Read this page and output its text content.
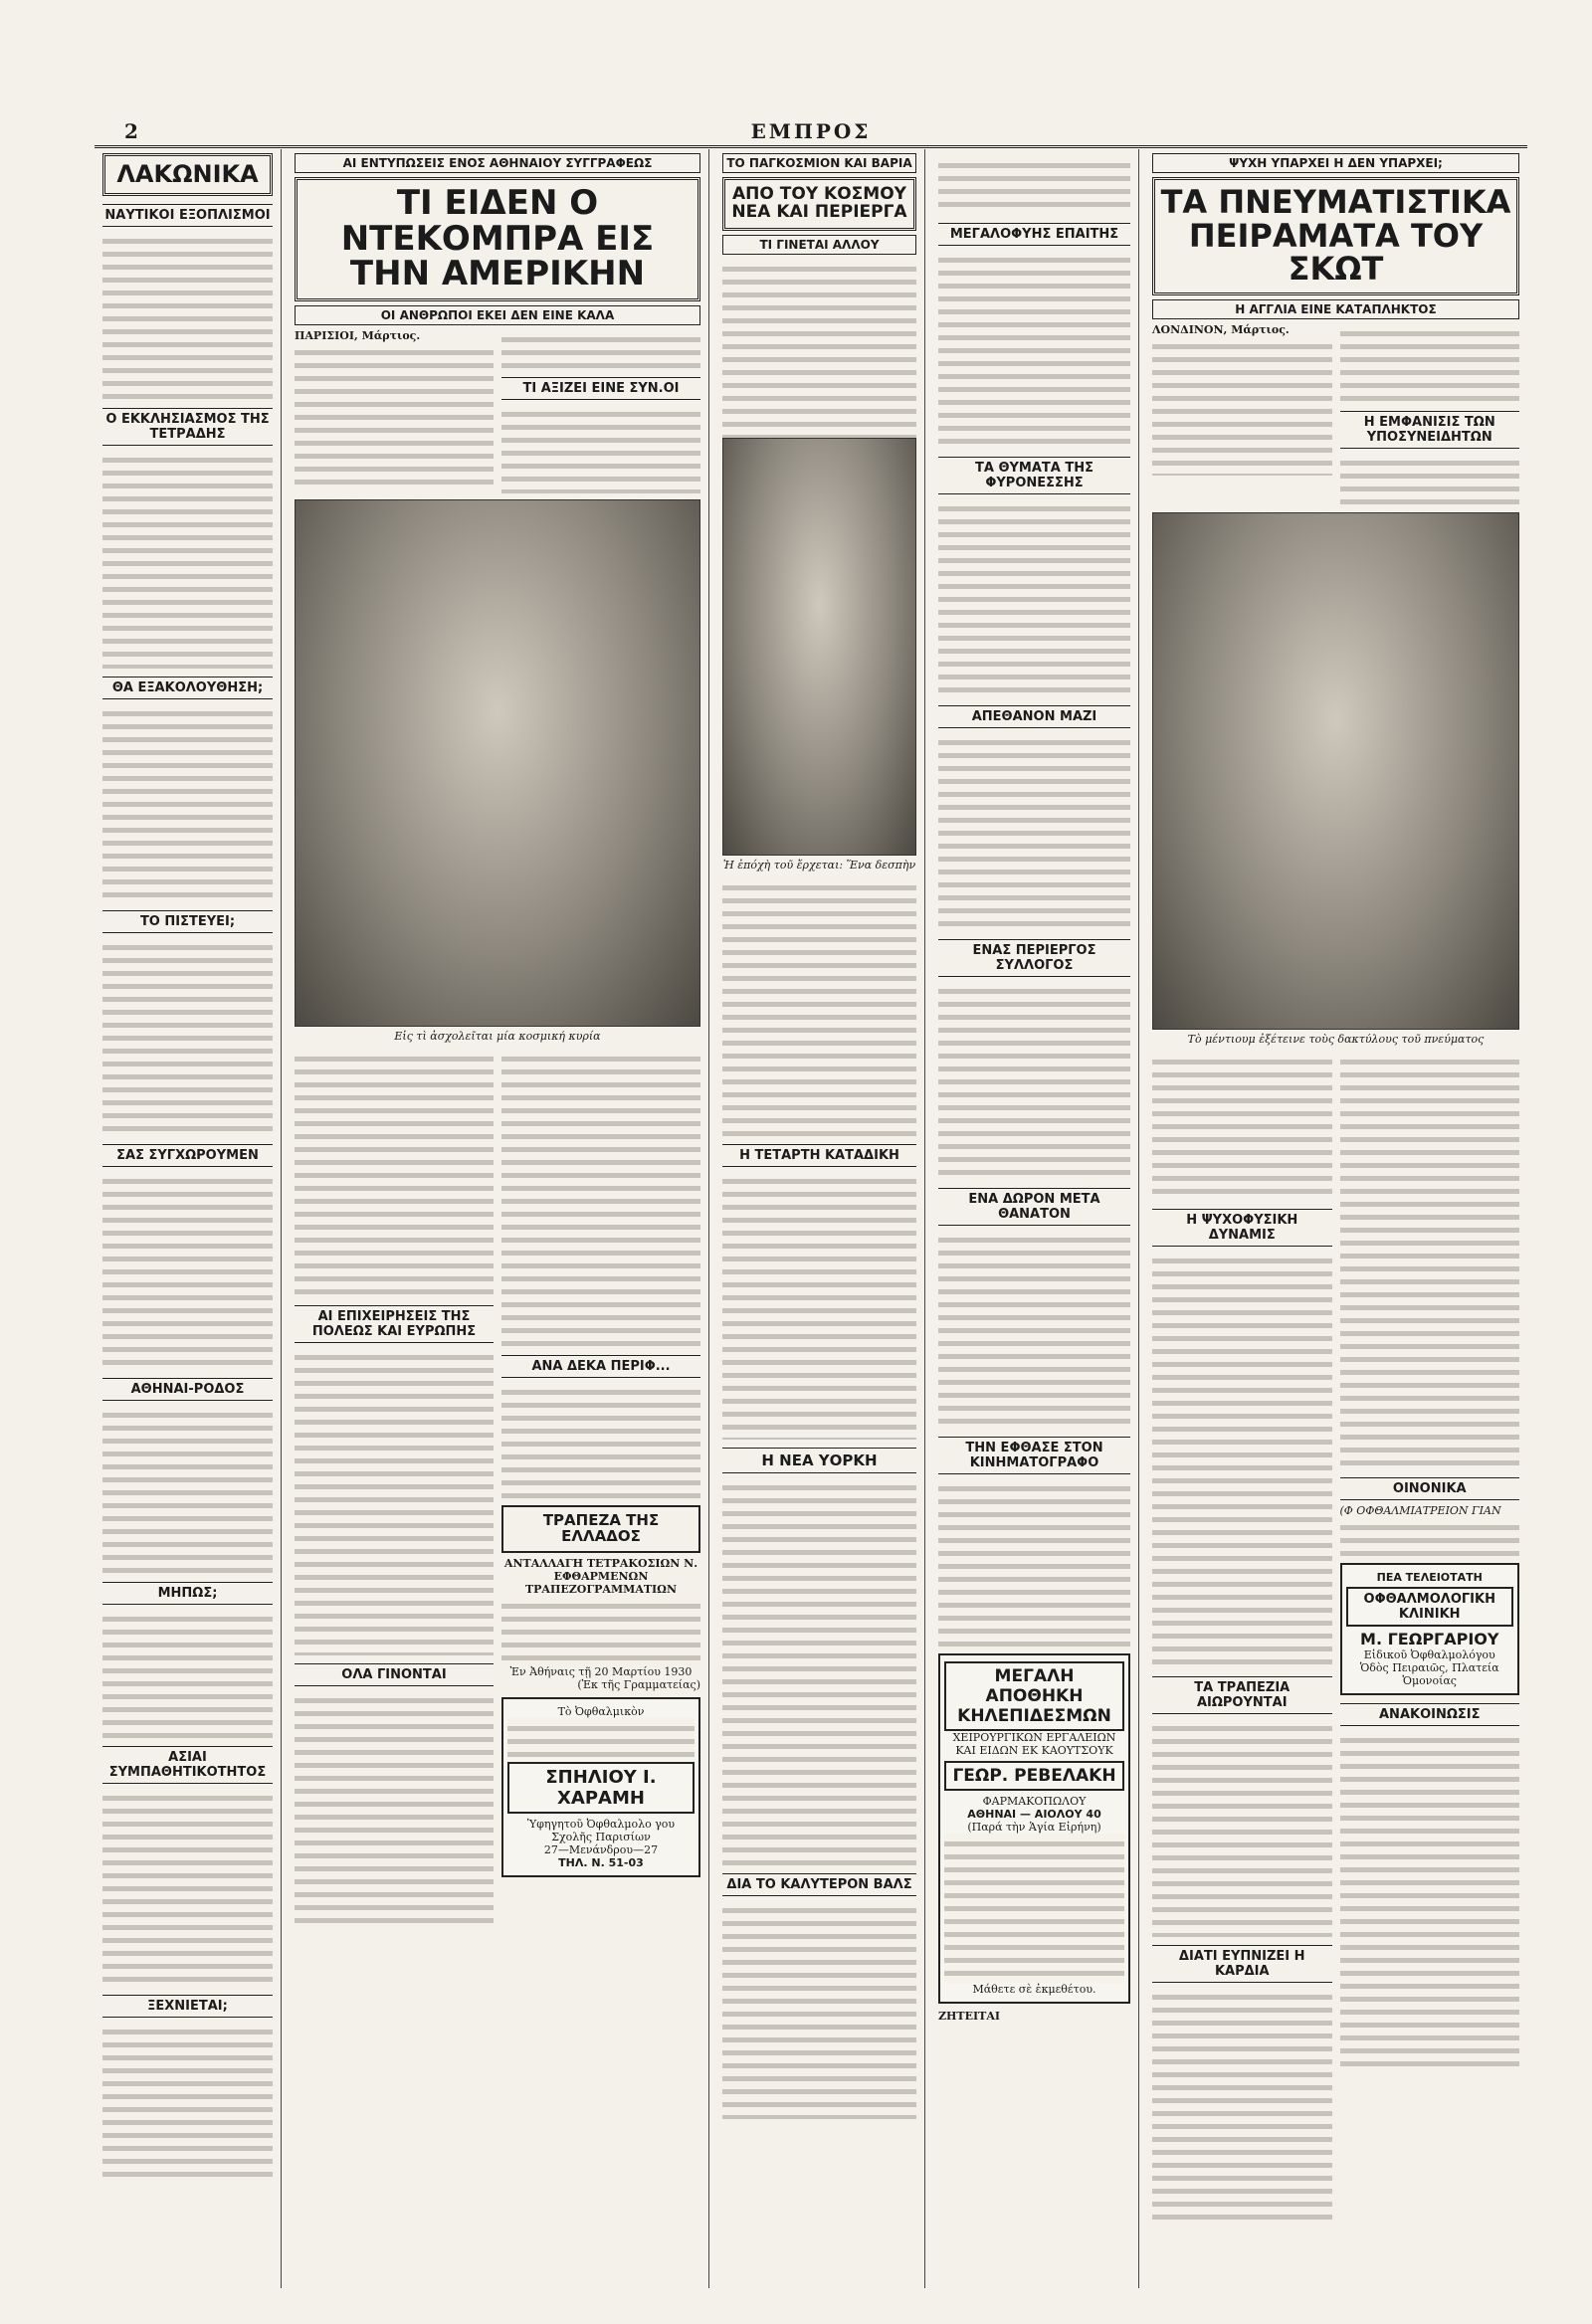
2	ΕΜΠΡΟΣ
ΛΑΚΩΝΙΚΑ
ΝΑΥΤΙΚΟΙ ΕΞΟΠΛΙΣΜΟΙ
Ο ΕΚΚΛΗΣΙΑΣΜΟΣ ΤΗΣ ΤΕΤΡΑΔΗΣ
ΘΑ ΕΞΑΚΟΛΟΥΘΗΣΗ;
ΤΟ ΠΙΣΤΕΥΕΙ;
ΣΑΣ ΣΥΓΧΩΡΟΥΜΕΝ
ΑΘΗΝΑΙ-ΡΟΔΟΣ
ΜΗΠΩΣ;
ΑΣΙΑΙ ΣΥΜΠΑΘΗΤΙΚΟΤΗΤΟΣ
ΞΕΧΝΙΕΤΑΙ;
ΑΙ ΕΝΤΥΠΩΣΕΙΣ ΕΝΟΣ ΑΘΗΝΑΙΟΥ ΣΥΓΓΡΑΦΕΩΣ
ΤΙ ΕΙΔΕΝ Ο ΝΤΕΚΟΜΠΡΑ ΕΙΣ ΤΗΝ ΑΜΕΡΙΚΗΝ
ΟΙ ΑΝΘΡΩΠΟΙ ΕΚΕΙ ΔΕΝ ΕΙΝΕ ΚΑΛΑ
ΠΑΡΙΣΙΟΙ, Μάρτιος.
ΤΙ ΑΞΙΖΕΙ ΕΙΝΕ ΣΥΝ.ΟΙ
Εἰς τὶ ἀσχολεῖται μία κοσμική κυρία
ΑΙ ΕΠΙΧΕΙΡΗΣΕΙΣ ΤΗΣ ΠΟΛΕΩΣ ΚΑΙ ΕΥΡΩΠΗΣ
ΟΛΑ ΓΙΝΟΝΤΑΙ
ΑΝΑ ΔΕΚΑ ΠΕΡΙΦ...
ΤΡΑΠΕΖΑ ΤΗΣ ΕΛΛΑΔΟΣ
ΑΝΤΑΛΛΑΓΗ ΤΕΤΡΑΚΟΣΙΩΝ Ν. ΕΦΘΑΡΜΕΝΩΝ ΤΡΑΠΕΖΟΓΡΑΜΜΑΤΙΩΝ
Ἐν Ἀθήναις τῇ 20 Μαρτίου 1930
(Ἐκ τῆς Γραμματείας)
Τὸ Ὀφθαλμικὸν
ΣΠΗΛΙΟΥ Ι. ΧΑΡΑΜΗ
Ὑφηγητοῦ Ὀφθαλμολο γου Σχολῆς Παρισίων
27—Μενάνδρου—27
ΤΗΛ. Ν. 51-03
ΤΟ ΠΑΓΚΟΣΜΙΟΝ ΚΑΙ ΒΑΡΙΑ
ΑΠΟ ΤΟΥ ΚΟΣΜΟΥ ΝΕΑ ΚΑΙ ΠΕΡΙΕΡΓΑ
ΤΙ ΓΙΝΕΤΑΙ ΑΛΛΟΥ
Ἡ ἐπόχὴ τοῦ ἔρχεται: Ἕνα δεσπὴν
Η ΤΕΤΑΡΤΗ ΚΑΤΑΔΙΚΗ
Η ΝΕΑ ΥΟΡΚΗ
ΔΙΑ ΤΟ ΚΑΛΥΤΕΡΟΝ ΒΑΛΣ
ΜΕΓΑΛΟΦΥΗΣ ΕΠΑΙΤΗΣ
ΤΑ ΘΥΜΑΤΑ ΤΗΣ ΦΥΡΟΝΕΣΣΗΣ
ΑΠΕΘΑΝΟΝ ΜΑΖΙ
ΕΝΑΣ ΠΕΡΙΕΡΓΟΣ ΣΥΛΛΟΓΟΣ
ΕΝΑ ΔΩΡΟΝ ΜΕΤΑ ΘΑΝΑΤΟΝ
ΤΗΝ ΕΦΘΑΣΕ ΣΤΟΝ ΚΙΝΗΜΑΤΟΓΡΑΦΟ
ΜΕΓΑΛΗ ΑΠΟΘΗΚΗ ΚΗΛΕΠΙΔΕΣΜΩΝ
ΧΕΙΡΟΥΡΓΙΚΩΝ ΕΡΓΑΛΕΙΩΝ ΚΑΙ ΕΙΔΩΝ ΕΚ ΚΑΟΥΤΣΟΥΚ
ΓΕΩΡ. ΡΕΒΕΛΑΚΗ
ΦΑΡΜΑΚΟΠΩΛΟΥ
ΑΘΗΝΑΙ — ΑΙΟΛΟΥ 40
(Παρά τὴν Ἁγία Εἰρήνη)
Μάθετε σὲ ἐκμεθέτου.
ΖΗΤΕΙΤΑΙ
ΨΥΧΗ ΥΠΑΡΧΕΙ Η ΔΕΝ ΥΠΑΡΧΕΙ;
ΤΑ ΠΝΕΥΜΑΤΙΣΤΙΚΑ ΠΕΙΡΑΜΑΤΑ ΤΟΥ ΣΚΩΤ
Η ΑΓΓΛΙΑ ΕΙΝΕ ΚΑΤΑΠΛΗΚΤΟΣ
ΛΟΝΔΙΝΟΝ, Μάρτιος.
Η ΕΜΦΑΝΙΣΙΣ ΤΩΝ ΥΠΟΣΥΝΕΙΔΗΤΩΝ
Τὸ μέντιουμ ἐξέτεινε τοὺς δακτύλους τοῦ πνεύματος
Η ΨΥΧΟΦΥΣΙΚΗ ΔΥΝΑΜΙΣ
ΤΑ ΤΡΑΠΕΖΙΑ ΑΙΩΡΟΥΝΤΑΙ
ΔΙΑΤΙ ΕΥΠΝΙΖΕΙ Η ΚΑΡΔΙΑ
ΟΙΝΟΝΙΚΑ
(Φ ΟΦΘΑΛΜΙΑΤΡΕΙΟΝ ΓΙΑΝ
ΠΕΑ ΤΕΛΕΙΟΤΑΤΗ
ΟΦΘΑΛΜΟΛΟΓΙΚΗ ΚΛΙΝΙΚΗ
Μ. ΓΕΩΡΓΑΡΙΟΥ
Εἰδικοῦ Ὀφθαλμολόγου
Ὁδὸς Πειραιῶς, Πλατεία Ὁμονοίας
ΑΝΑΚΟΙΝΩΣΙΣ
